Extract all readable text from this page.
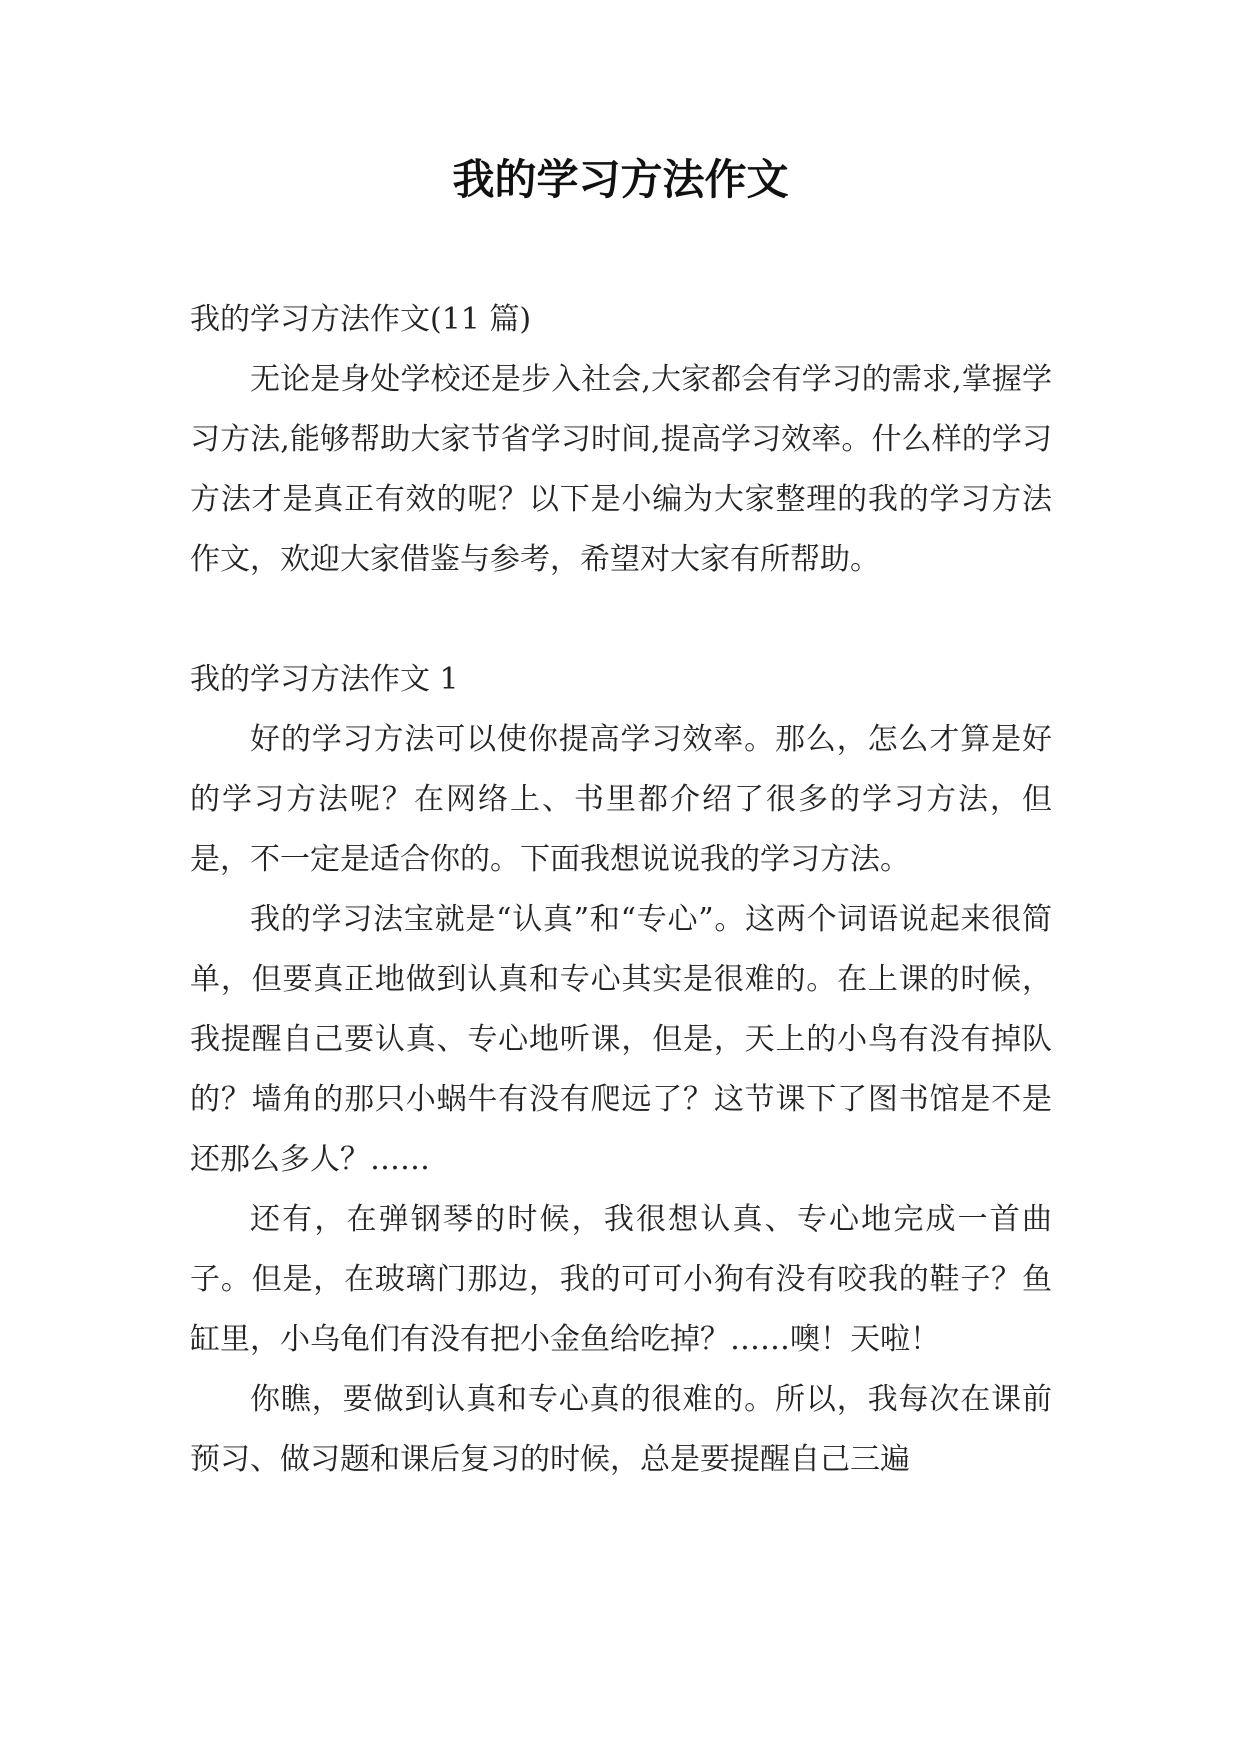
我的学习方法作文

我的学习方法作文(11 篇)

无论是身处学校还是步入社会,大家都会有学习的需求,掌握学习方法,能够帮助大家节省学习时间,提高学习效率。什么样的学习方法才是真正有效的呢？以下是小编为大家整理的我的学习方法作文，欢迎大家借鉴与参考，希望对大家有所帮助。

我的学习方法作文 1

好的学习方法可以使你提高学习效率。那么，怎么才算是好的学习方法呢？在网络上、书里都介绍了很多的学习方法，但是，不一定是适合你的。下面我想说说我的学习方法。

我的学习法宝就是“认真”和“专心”。这两个词语说起来很简单，但要真正地做到认真和专心其实是很难的。在上课的时候，我提醒自己要认真、专心地听课，但是，天上的小鸟有没有掉队的？墙角的那只小蜗牛有没有爬远了？这节课下了图书馆是不是还那么多人？……

还有，在弹钢琴的时候，我很想认真、专心地完成一首曲子。但是，在玻璃门那边，我的可可小狗有没有咬我的鞋子？鱼缸里，小乌龟们有没有把小金鱼给吃掉？……噢！天啦！

你瞧，要做到认真和专心真的很难的。所以，我每次在课前预习、做习题和课后复习的时候，总是要提醒自己三遍
